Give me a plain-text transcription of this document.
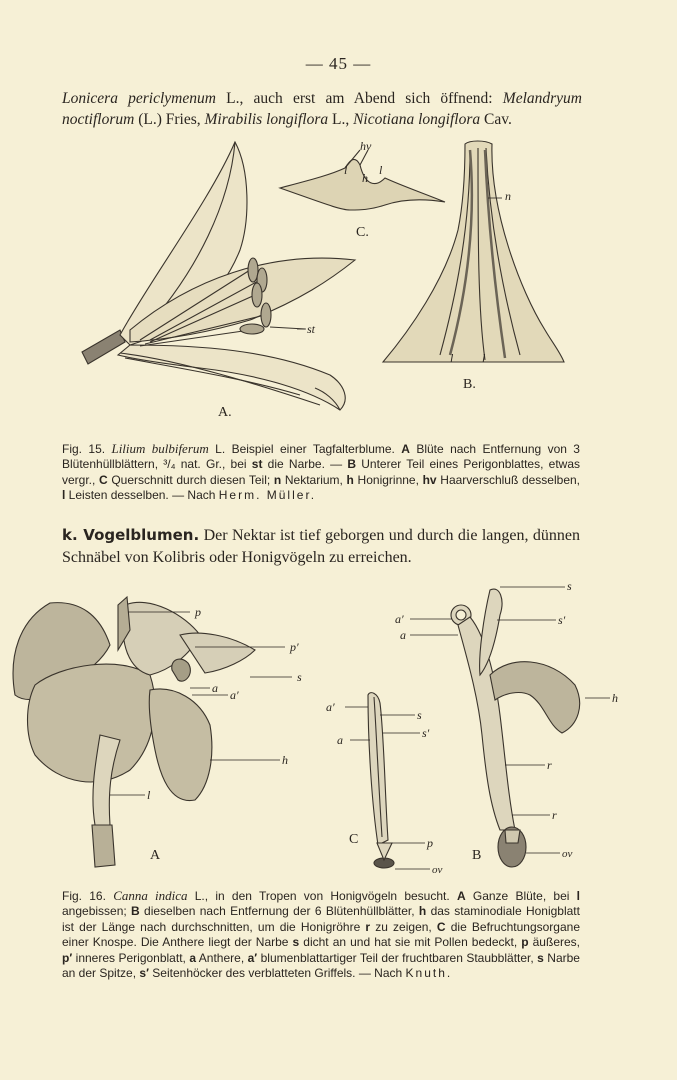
— 45 —
Lonicera periclymenum L., auch erst am Abend sich öffnend: Melandryum noctiflorum (L.) Fries, Mirabilis longiflora L., Nicotiana longiflora Cav.
hv
l
h
l
C.
n
st
l l
B.
A.
Fig. 15. Lilium bulbiferum L. Beispiel einer Tagfalterblume. A Blüte nach Entfernung von 3 Blütenhüllblättern, ³/₄ nat. Gr., bei st die Narbe. — B Unterer Teil eines Perigonblattes, etwas vergr., C Querschnitt durch diesen Teil; n Nektarium, h Honigrinne, hv Haarverschluß desselben, l Leisten desselben. — Nach Herm. Müller.
k. Vogelblumen. Der Nektar ist tief geborgen und durch die langen, dünnen Schnäbel von Kolibris oder Honigvögeln zu erreichen.
p
p′
s
a a′
h
l
A
a′
s
a	s′
C	p
ov
s
a′	s′
a
h
r
r
B	ov
Fig. 16. Canna indica L., in den Tropen von Honigvögeln besucht. A Ganze Blüte, bei l angebissen; B dieselben nach Entfernung der 6 Blütenhüllblätter, h das staminodiale Honigblatt ist der Länge nach durchschnitten, um die Honigröhre r zu zeigen, C die Befruchtungsorgane einer Knospe. Die Anthere liegt der Narbe s dicht an und hat sie mit Pollen bedeckt, p äußeres, p′ inneres Perigonblatt, a Anthere, a′ blumenblattartiger Teil der fruchtbaren Staubblätter, s Narbe an der Spitze, s′ Seitenhöcker des verblatteten Griffels. — Nach Knuth.
